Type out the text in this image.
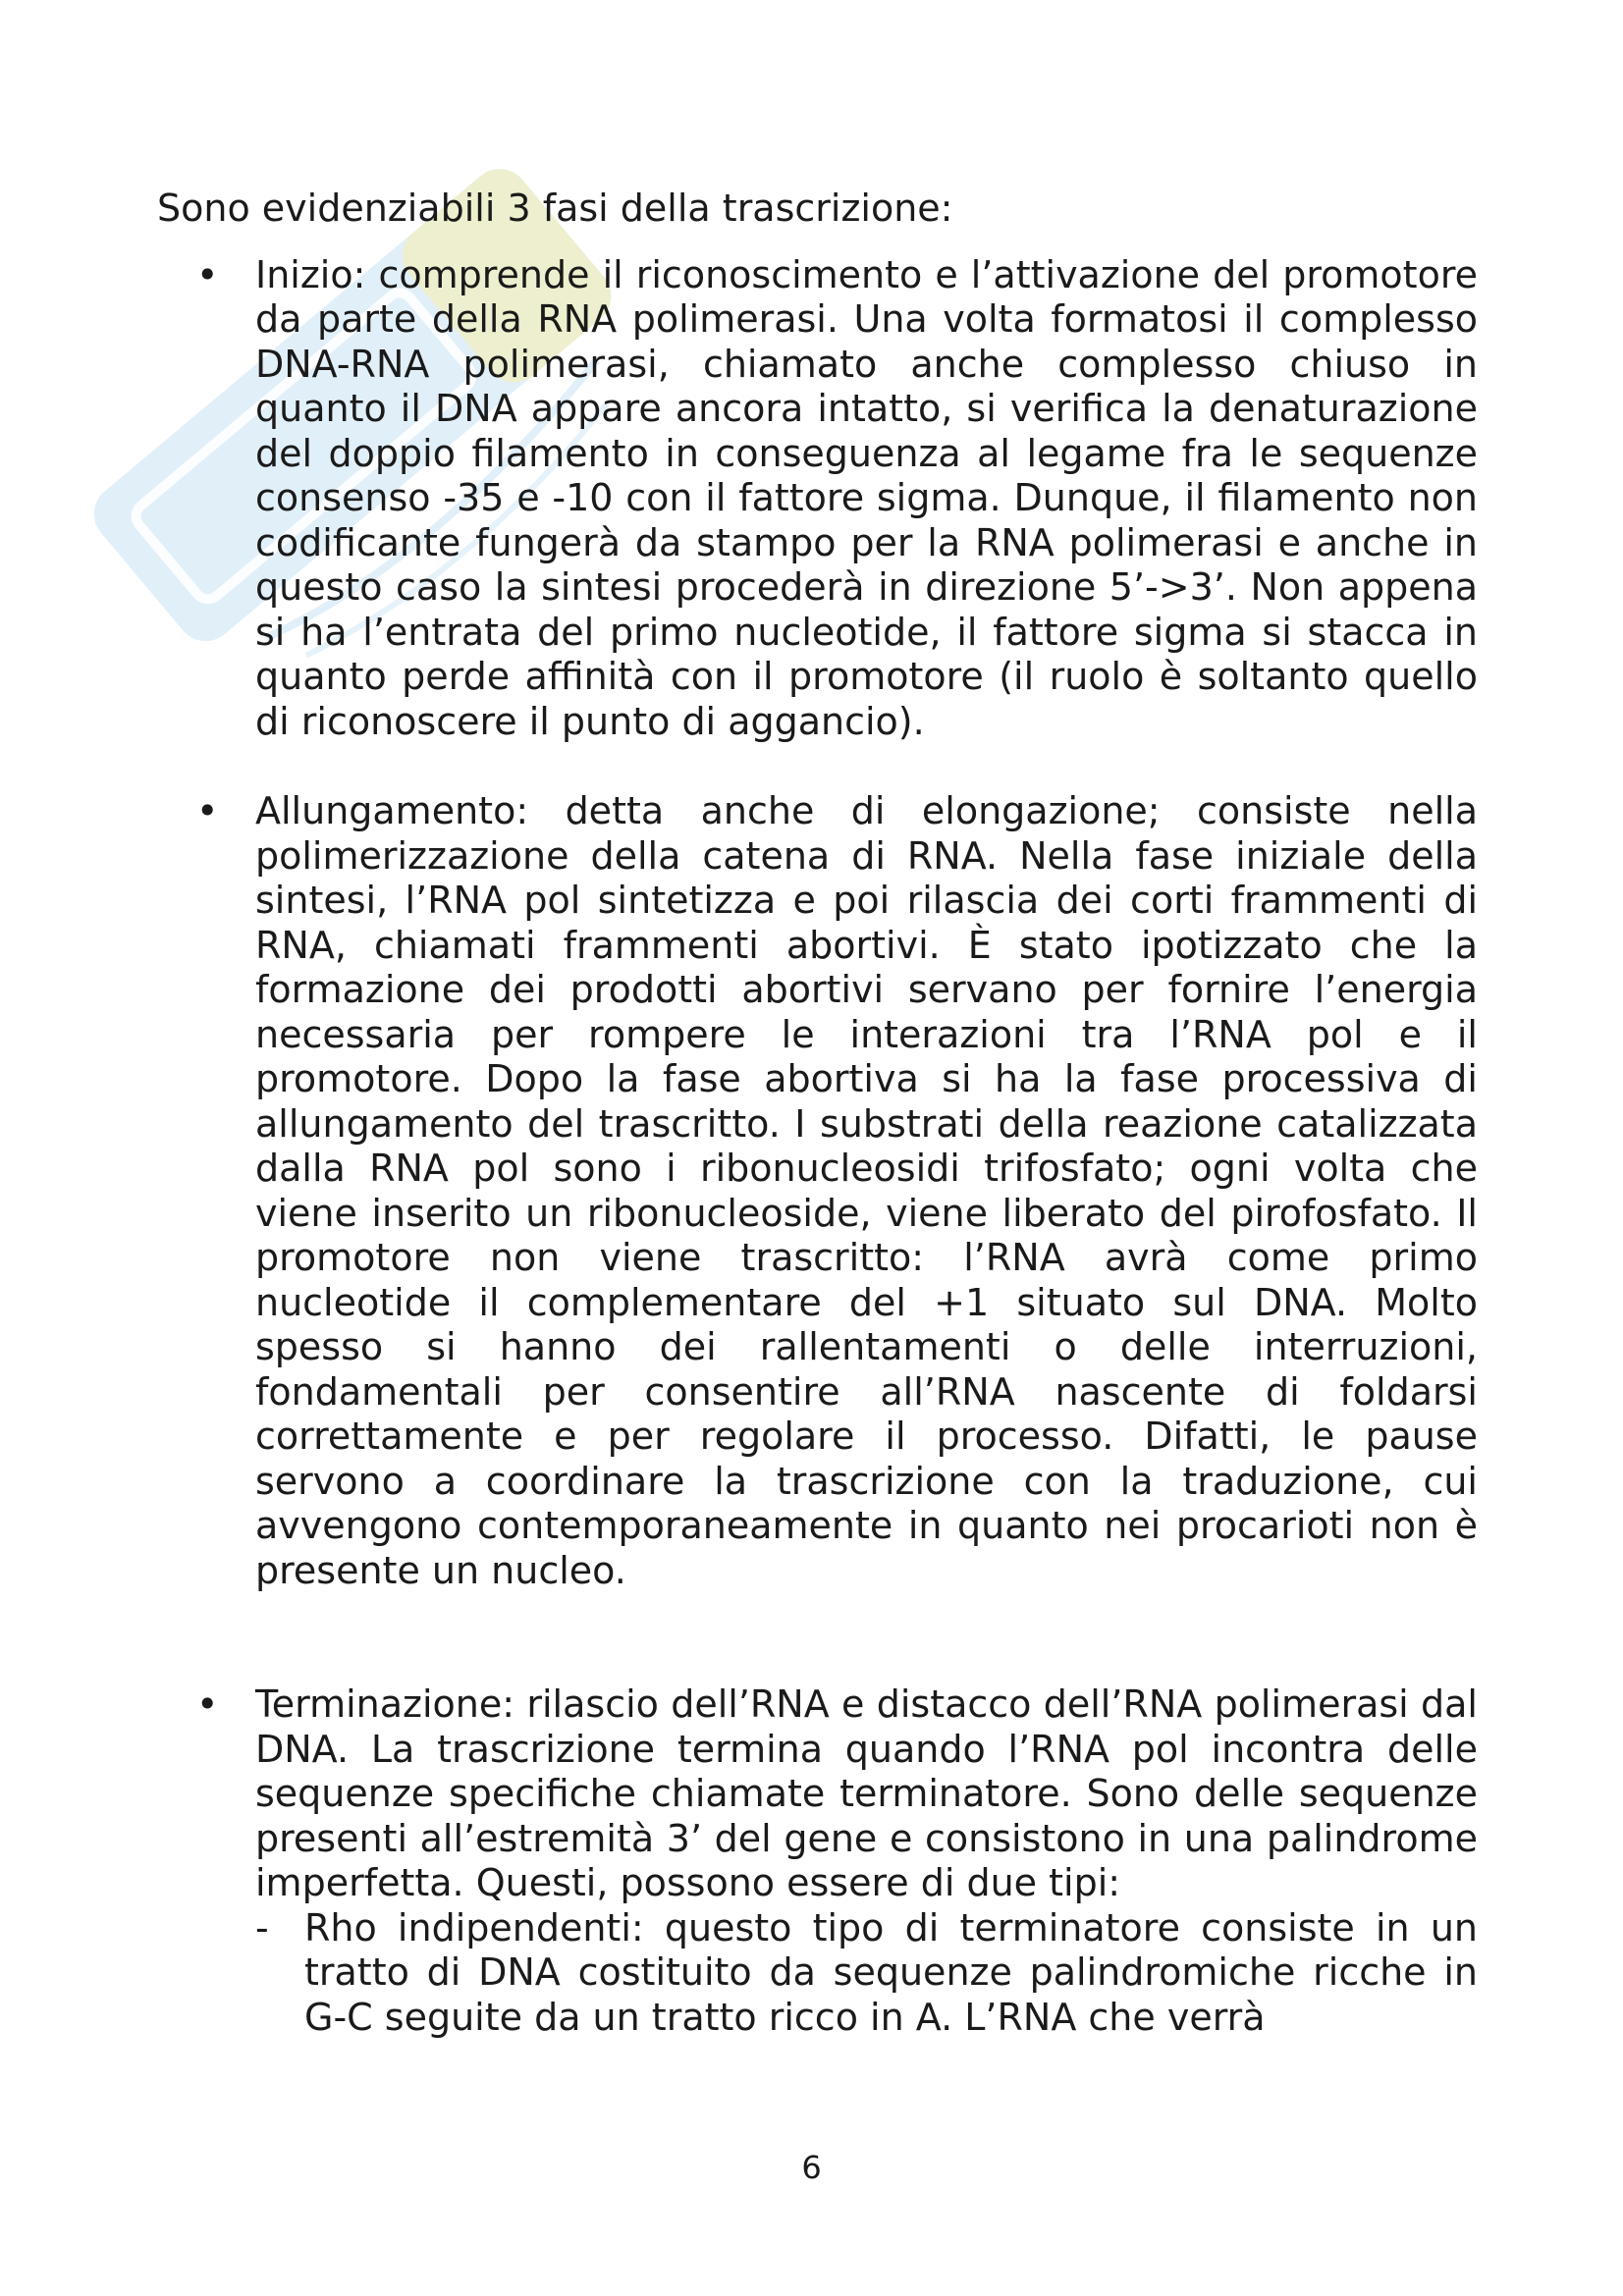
Sono evidenziabili 3 fasi della trascrizione:

• Inizio: comprende il riconoscimento e l’attivazione del promotore da parte della RNA polimerasi. Una volta formatosi il complesso DNA-RNA polimerasi, chiamato anche complesso chiuso in quanto il DNA appare ancora intatto, si verifica la denaturazione del doppio filamento in conseguenza al legame fra le sequenze consenso -35 e -10 con il fattore sigma. Dunque, il filamento non codificante fungerà da stampo per la RNA polimerasi e anche in questo caso la sintesi procederà in direzione 5’->3’. Non appena si ha l’entrata del primo nucleotide, il fattore sigma si stacca in quanto perde affinità con il promotore (il ruolo è soltanto quello di riconoscere il punto di aggancio).

• Allungamento: detta anche di elongazione; consiste nella polimerizzazione della catena di RNA. Nella fase iniziale della sintesi, l’RNA pol sintetizza e poi rilascia dei corti frammenti di RNA, chiamati frammenti abortivi. È stato ipotizzato che la formazione dei prodotti abortivi servano per fornire l’energia necessaria per rompere le interazioni tra l’RNA pol e il promotore. Dopo la fase abortiva si ha la fase processiva di allungamento del trascritto. I substrati della reazione catalizzata dalla RNA pol sono i ribonucleosidi trifosfato; ogni volta che viene inserito un ribonucleoside, viene liberato del pirofosfato. Il promotore non viene trascritto: l’RNA avrà come primo nucleotide il complementare del +1 situato sul DNA. Molto spesso si hanno dei rallentamenti o delle interruzioni, fondamentali per consentire all’RNA nascente di foldarsi correttamente e per regolare il processo. Difatti, le pause servono a coordinare la trascrizione con la traduzione, cui avvengono contemporaneamente in quanto nei procarioti non è presente un nucleo.

• Terminazione: rilascio dell’RNA e distacco dell’RNA polimerasi dal DNA. La trascrizione termina quando l’RNA pol incontra delle sequenze specifiche chiamate terminatore. Sono delle sequenze presenti all’estremità 3’ del gene e consistono in una palindrome imperfetta. Questi, possono essere di due tipi:

- Rho indipendenti: questo tipo di terminatore consiste in un tratto di DNA costituito da sequenze palindromiche ricche in G-C seguite da un tratto ricco in A. L’RNA che verrà

6
